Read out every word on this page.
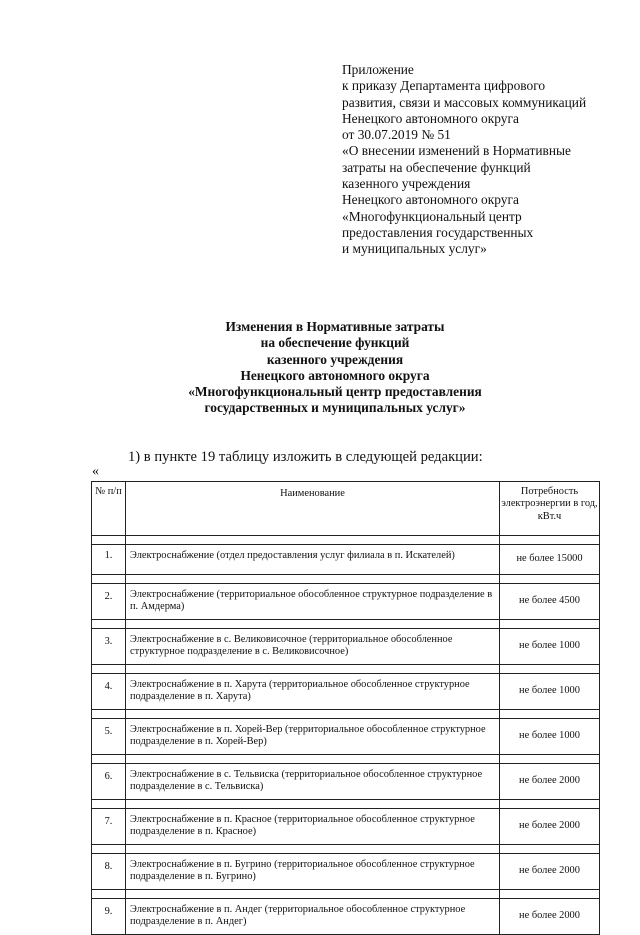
Приложение
к приказу Департамента цифрового
развития, связи и массовых коммуникаций
Ненецкого автономного округа
от 30.07.2019 № 51
«О внесении изменений в Нормативные
затраты на обеспечение функций
казенного учреждения
Ненецкого автономного округа
«Многофункциональный центр
предоставления государственных
и муниципальных услуг»
Изменения в Нормативные затраты
на обеспечение функций
казенного учреждения
Ненецкого автономного округа
«Многофункциональный центр предоставления
государственных и муниципальных услуг»
1) в пункте 19 таблицу изложить в следующей редакции:
«
№ п/п	Наименование	Потребность электроэнергии в год, кВт.ч

1.	Электроснабжение (отдел предоставления услуг филиала в п. Искателей)	не более 15000

2.	Электроснабжение (территориальное обособленное структурное подразделение в п. Амдерма)	не более 4500

3.	Электроснабжение в с. Великовисочное (территориальное обособленное структурное подразделение в с. Великовисочное)	не более 1000

4.	Электроснабжение в п. Харута (территориальное обособленное структурное подразделение в п. Харута)	не более 1000

5.	Электроснабжение в п. Хорей-Вер (территориальное обособленное структурное подразделение в п. Хорей-Вер)	не более 1000

6.	Электроснабжение в с. Тельвиска (территориальное обособленное структурное подразделение в с. Тельвиска)	не более 2000

7.	Электроснабжение в п. Красное (территориальное обособленное структурное подразделение в п. Красное)	не более 2000

8.	Электроснабжение в п. Бугрино (территориальное обособленное структурное подразделение в п. Бугрино)	не более 2000

9.	Электроснабжение в п. Андег (территориальное обособленное структурное подразделение в п. Андег)	не более 2000
